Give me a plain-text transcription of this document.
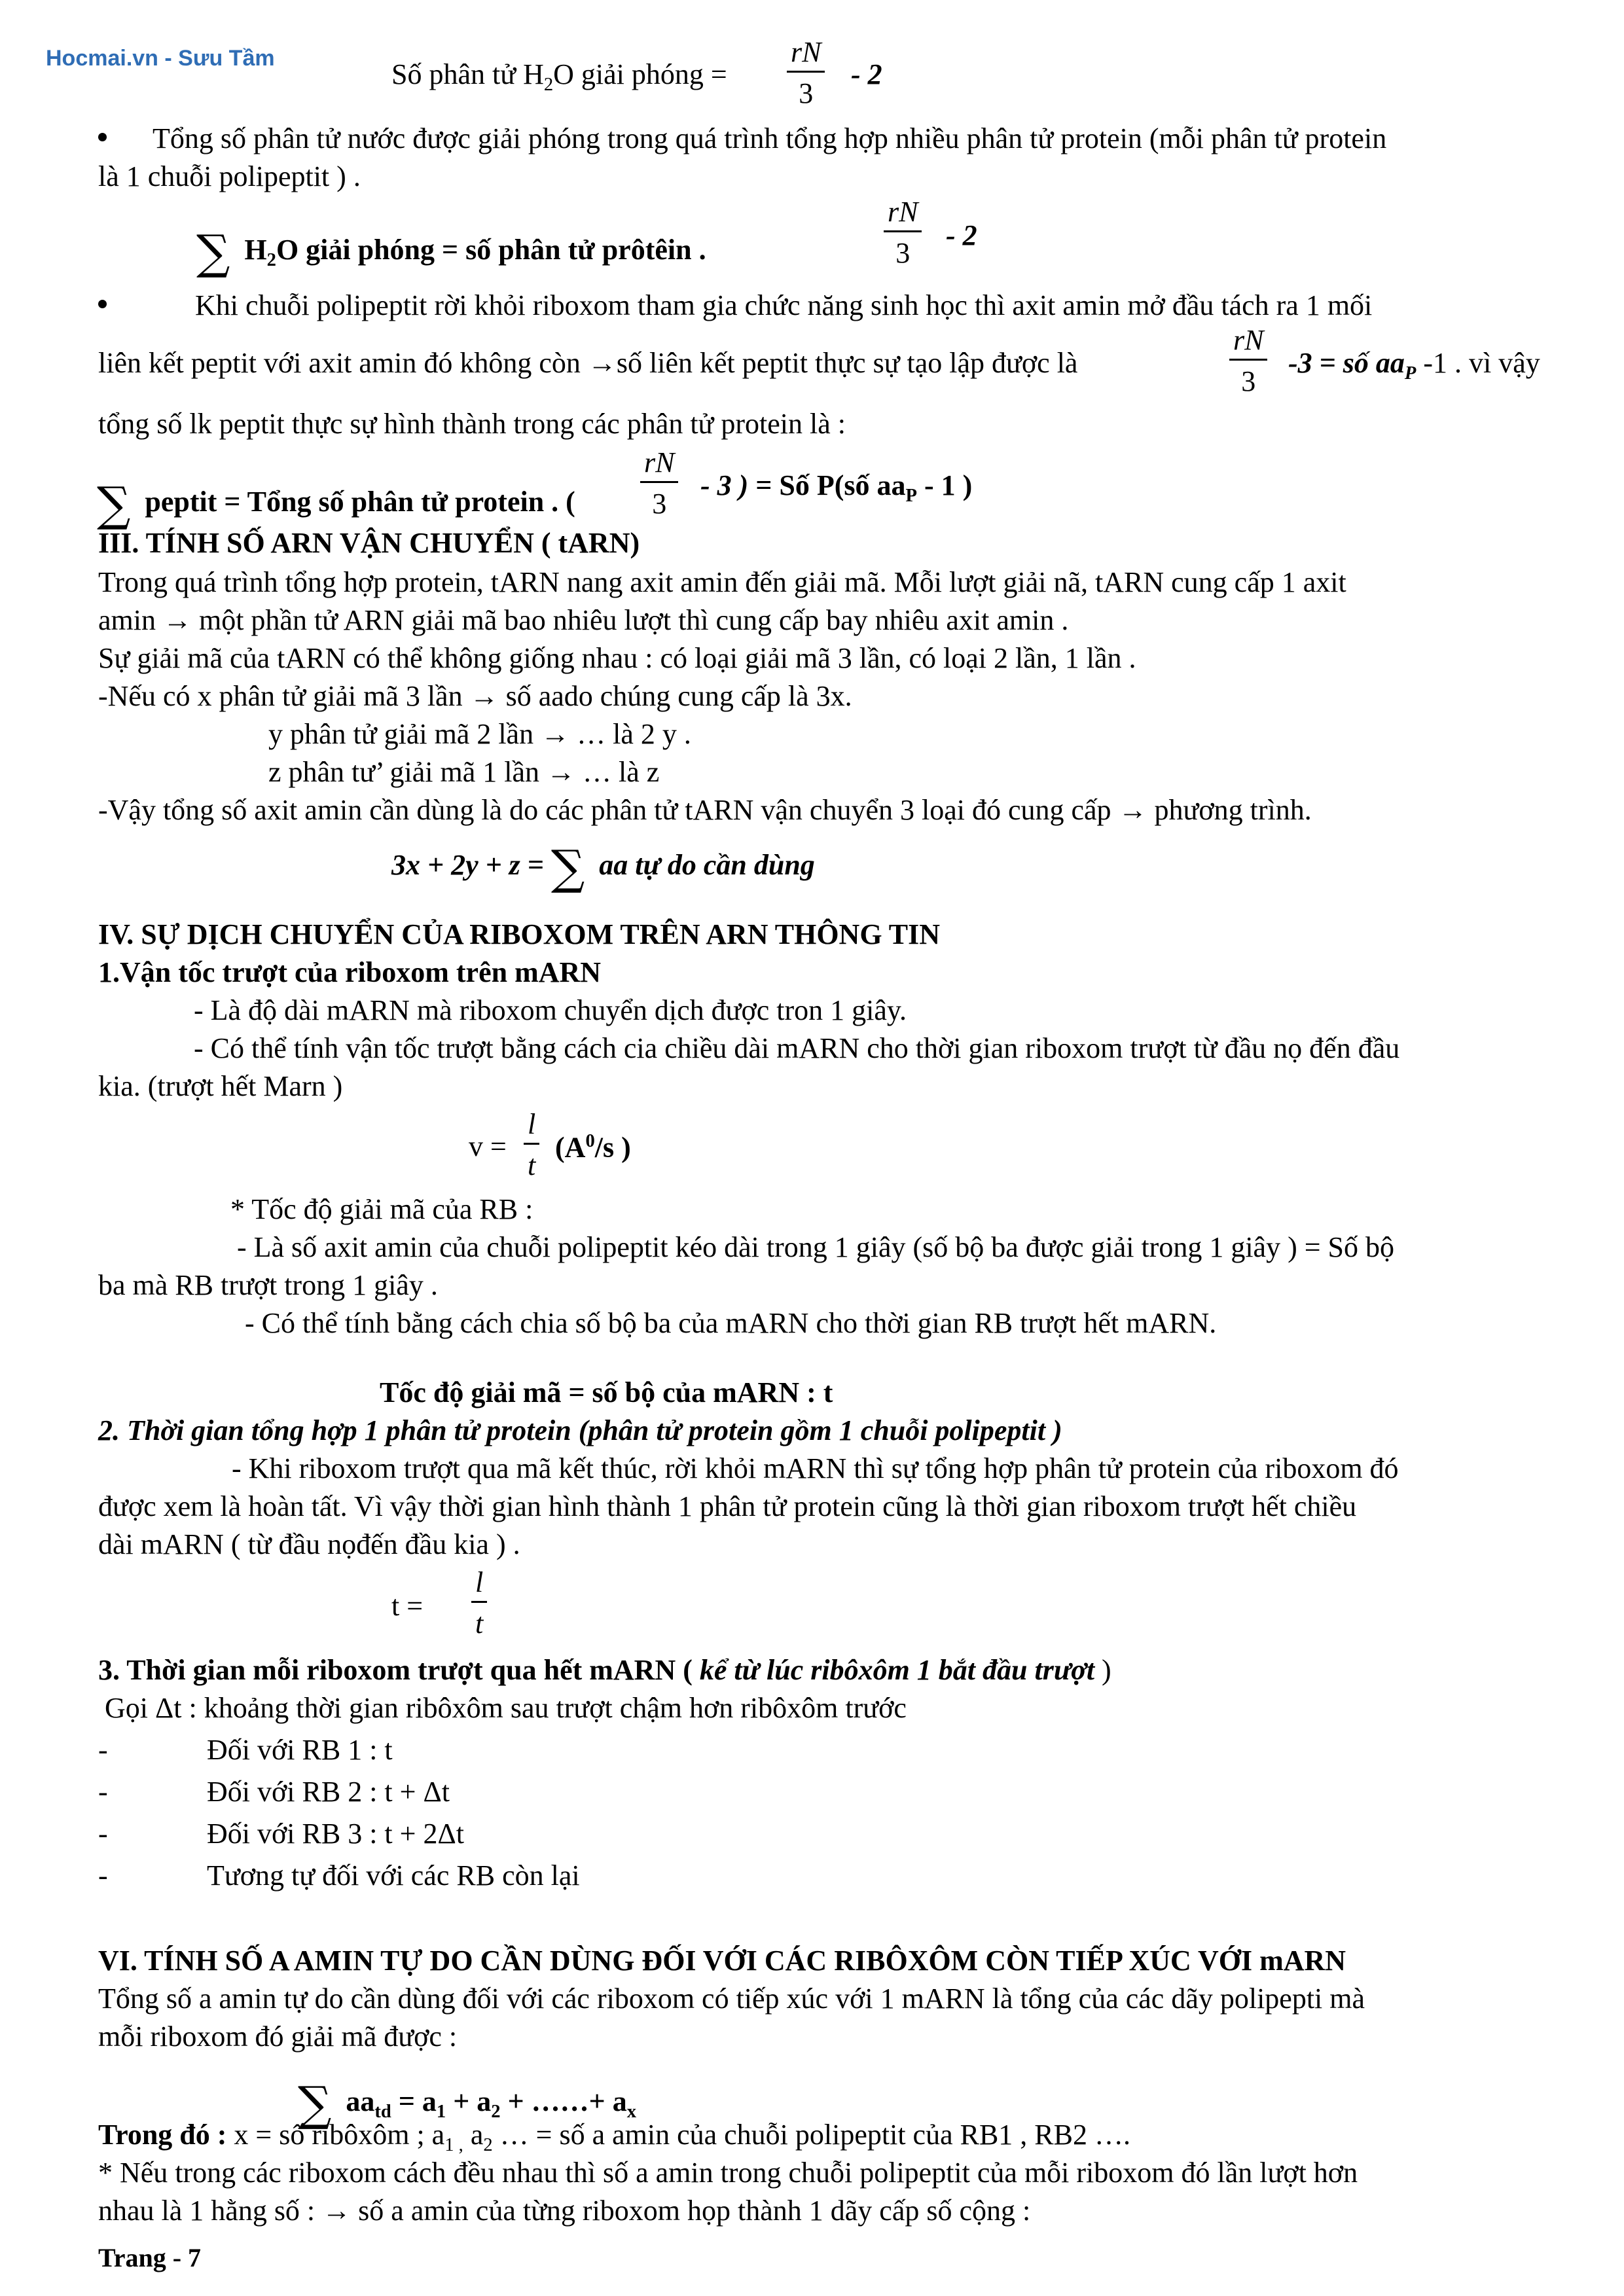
Hocmai.vn - Sưu Tầm	Số phân tử $H_2O$ giải phóng =
rN
3
- 2
Tổng số phân tử nước được giải phóng trong quá trình tổng hợp nhiều phân tử protein (mỗi phân tử protein
là 1 chuỗi polipeptit ) .
∑ $H_2O$ giải phóng = số phân tử prôtêin .
rN
3
- 2
Khi chuỗi polipeptit rời khỏi riboxom tham gia chức năng sinh học thì axit amin mở đầu tách ra 1 mối
liên kết peptit với axit amin đó không còn →số liên kết peptit thực sự tạo lập được là
rN
3
-3 = số $aa_P$ -1 . vì vậy
tổng số lk peptit thực sự hình thành trong các phân tử protein là :
∑ peptit = Tổng số phân tử protein . (
rN
3
- 3 ) = Số P(số $aa_P - 1$ )
III. TÍNH SỐ ARN VẬN CHUYỂN ( tARN)
Trong quá trình tổng hợp protein, tARN nang axit amin đến giải mã. Mỗi lượt giải nã, tARN cung cấp 1 axit
amin → một phần tử ARN giải mã bao nhiêu lượt thì cung cấp bay nhiêu axit amin .
Sự giải mã của tARN có thể không giống nhau : có loại giải mã 3 lần, có loại 2 lần, 1 lần .
-Nếu có x phân tử giải mã 3 lần → số aado chúng cung cấp là 3x.
y phân tử giải mã 2 lần → … là 2 y .
z phân tư’ giải mã 1 lần → … là z
-Vậy tổng số axit amin cần dùng là do các phân tử tARN vận chuyển 3 loại đó cung cấp → phương trình.
3x + 2y + z = ∑ aa tự do cần dùng
IV. SỰ DỊCH CHUYỂN CỦA RIBOXOM TRÊN ARN THÔNG TIN
1.Vận tốc trượt của riboxom trên mARN
- Là độ dài mARN mà riboxom chuyển dịch được tron 1 giây.
- Có thể tính vận tốc trượt bằng cách cia chiều dài mARN cho thời gian riboxom trượt từ đầu nọ đến đầu
kia. (trượt hết Marn )
v =
l
t
($A^0/s$ )
* Tốc độ giải mã của RB :
- Là số axit amin của chuỗi polipeptit kéo dài trong 1 giây (số bộ ba được giải trong 1 giây ) = Số bộ
ba mà RB trượt trong 1 giây .
- Có thể tính bằng cách chia số bộ ba của mARN cho thời gian RB trượt hết mARN.
Tốc độ giải mã = số bộ của mARN : t
2. Thời gian tổng hợp 1 phân tử protein (phân tử protein gồm 1 chuỗi polipeptit )
- Khi riboxom trượt qua mã kết thúc, rời khỏi mARN thì sự tổng hợp phân tử protein của riboxom đó
được xem là hoàn tất. Vì vậy thời gian hình thành 1 phân tử protein cũng là thời gian riboxom trượt hết chiều
dài mARN ( từ đầu nọđến đầu kia ) .
t =
l
t
3. Thời gian mỗi riboxom trượt qua hết mARN ( kể từ lúc ribôxôm 1 bắt đầu trượt )
Gọi Δt : khoảng thời gian ribôxôm sau trượt chậm hơn ribôxôm trước
-	Đối với RB 1 : t
-	Đối với RB 2 : t + Δt
-	Đối với RB 3 : t + 2Δt
-	Tương tự đối với các RB còn lại
VI. TÍNH SỐ A AMIN TỰ DO CẦN DÙNG ĐỐI VỚI CÁC RIBÔXÔM CÒN TIẾP XÚC VỚI mARN
Tổng số a amin tự do cần dùng đối với các riboxom có tiếp xúc với 1 mARN là tổng của các dãy polipepti mà
mỗi riboxom đó giải mã được :
∑ $aa_{td} = a_1 + a_2$ + ……+ $a_x$
Trong đó : x = số ribôxôm ; $a_{1 ,}$ $a_2$ … = số a amin của chuỗi polipeptit của RB1 , RB2 ….
* Nếu trong các riboxom cách đều nhau thì số a amin trong chuỗi polipeptit của mỗi riboxom đó lần lượt hơn
nhau là 1 hằng số : → số a amin của từng riboxom họp thành 1 dãy cấp số cộng :
Trang - 7
